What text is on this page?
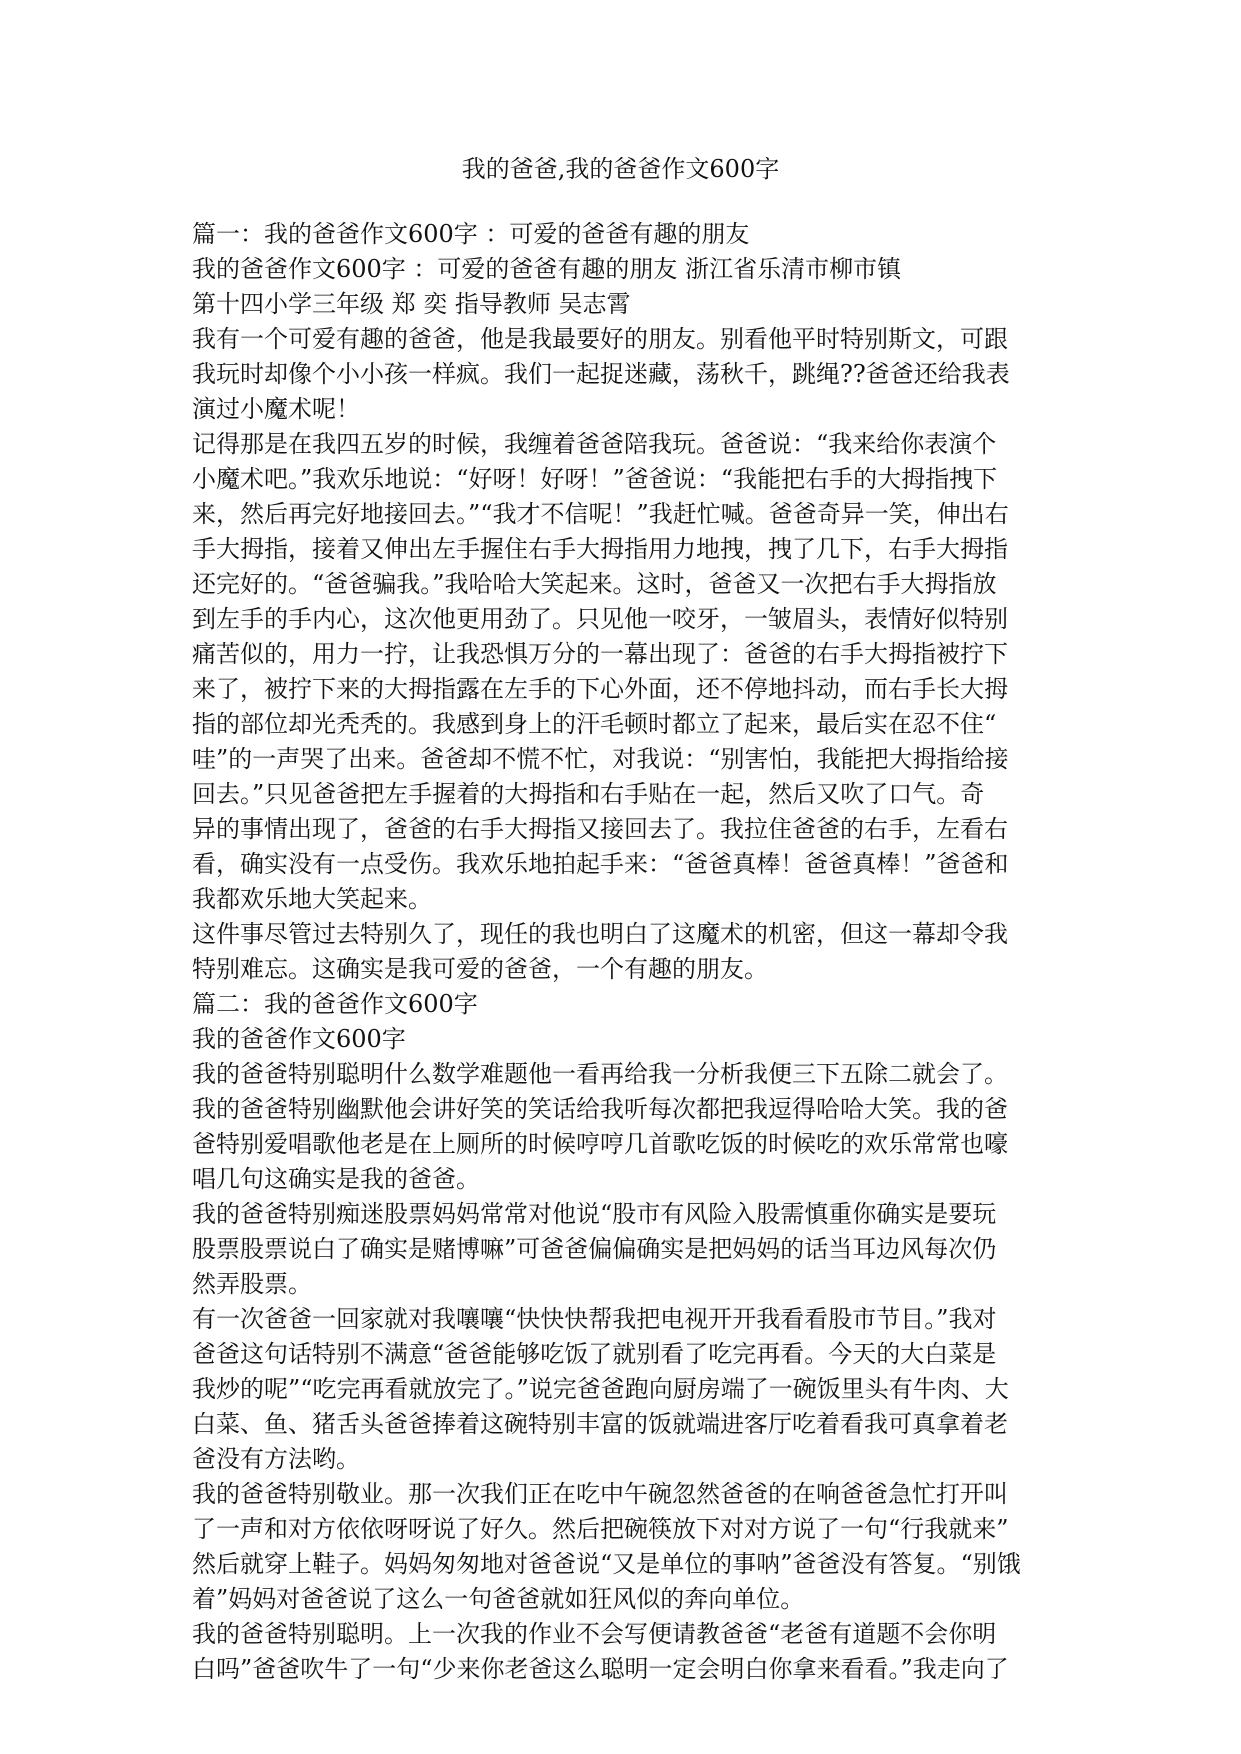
我的爸爸,我的爸爸作文600字
篇一：我的爸爸作文600字 ：可爱的爸爸有趣的朋友
我的爸爸作文600字 ：可爱的爸爸有趣的朋友 浙江省乐清市柳市镇
第十四小学三年级 郑 奕 指导教师 吴志霄
我有一个可爱有趣的爸爸，他是我最要好的朋友。别看他平时特别斯文，可跟
我玩时却像个小小孩一样疯。我们一起捉迷藏，荡秋千，跳绳??爸爸还给我表
演过小魔术呢！
记得那是在我四五岁的时候，我缠着爸爸陪我玩。爸爸说：“我来给你表演个
小魔术吧。”我欢乐地说：“好呀！好呀！”爸爸说：“我能把右手的大拇指拽下
来，然后再完好地接回去。”“我才不信呢！”我赶忙喊。爸爸奇异一笑，伸出右
手大拇指，接着又伸出左手握住右手大拇指用力地拽，拽了几下，右手大拇指
还完好的。“爸爸骗我。”我哈哈大笑起来。这时，爸爸又一次把右手大拇指放
到左手的手内心，这次他更用劲了。只见他一咬牙，一皱眉头，表情好似特别
痛苦似的，用力一拧，让我恐惧万分的一幕出现了：爸爸的右手大拇指被拧下
来了，被拧下来的大拇指露在左手的下心外面，还不停地抖动，而右手长大拇
指的部位却光秃秃的。我感到身上的汗毛顿时都立了起来，最后实在忍不住“
哇”的一声哭了出来。爸爸却不慌不忙，对我说：“别害怕，我能把大拇指给接
回去。”只见爸爸把左手握着的大拇指和右手贴在一起，然后又吹了口气。奇
异的事情出现了，爸爸的右手大拇指又接回去了。我拉住爸爸的右手，左看右
看，确实没有一点受伤。我欢乐地拍起手来：“爸爸真棒！爸爸真棒！”爸爸和
我都欢乐地大笑起来。
这件事尽管过去特别久了，现任的我也明白了这魔术的机密，但这一幕却令我
特别难忘。这确实是我可爱的爸爸，一个有趣的朋友。
篇二：我的爸爸作文600字
我的爸爸作文600字
我的爸爸特别聪明什么数学难题他一看再给我一分析我便三下五除二就会了。
我的爸爸特别幽默他会讲好笑的笑话给我听每次都把我逗得哈哈大笑。我的爸
爸特别爱唱歌他老是在上厕所的时候哼哼几首歌吃饭的时候吃的欢乐常常也嚎
唱几句这确实是我的爸爸。
我的爸爸特别痴迷股票妈妈常常对他说“股市有风险入股需慎重你确实是要玩
股票股票说白了确实是赌博嘛”可爸爸偏偏确实是把妈妈的话当耳边风每次仍
然弄股票。
有一次爸爸一回家就对我嚷嚷“快快快帮我把电视开开我看看股市节目。”我对
爸爸这句话特别不满意“爸爸能够吃饭了就别看了吃完再看。今天的大白菜是
我炒的呢”“吃完再看就放完了。”说完爸爸跑向厨房端了一碗饭里头有牛肉、大
白菜、鱼、猪舌头爸爸捧着这碗特别丰富的饭就端进客厅吃着看我可真拿着老
爸没有方法哟。
我的爸爸特别敬业。那一次我们正在吃中午碗忽然爸爸的在响爸爸急忙打开叫
了一声和对方依依呀呀说了好久。然后把碗筷放下对对方说了一句“行我就来”
然后就穿上鞋子。妈妈匆匆地对爸爸说“又是单位的事呐”爸爸没有答复。“别饿
着”妈妈对爸爸说了这么一句爸爸就如狂风似的奔向单位。
我的爸爸特别聪明。上一次我的作业不会写便请教爸爸“老爸有道题不会你明
白吗”爸爸吹牛了一句“少来你老爸这么聪明一定会明白你拿来看看。”我走向了
